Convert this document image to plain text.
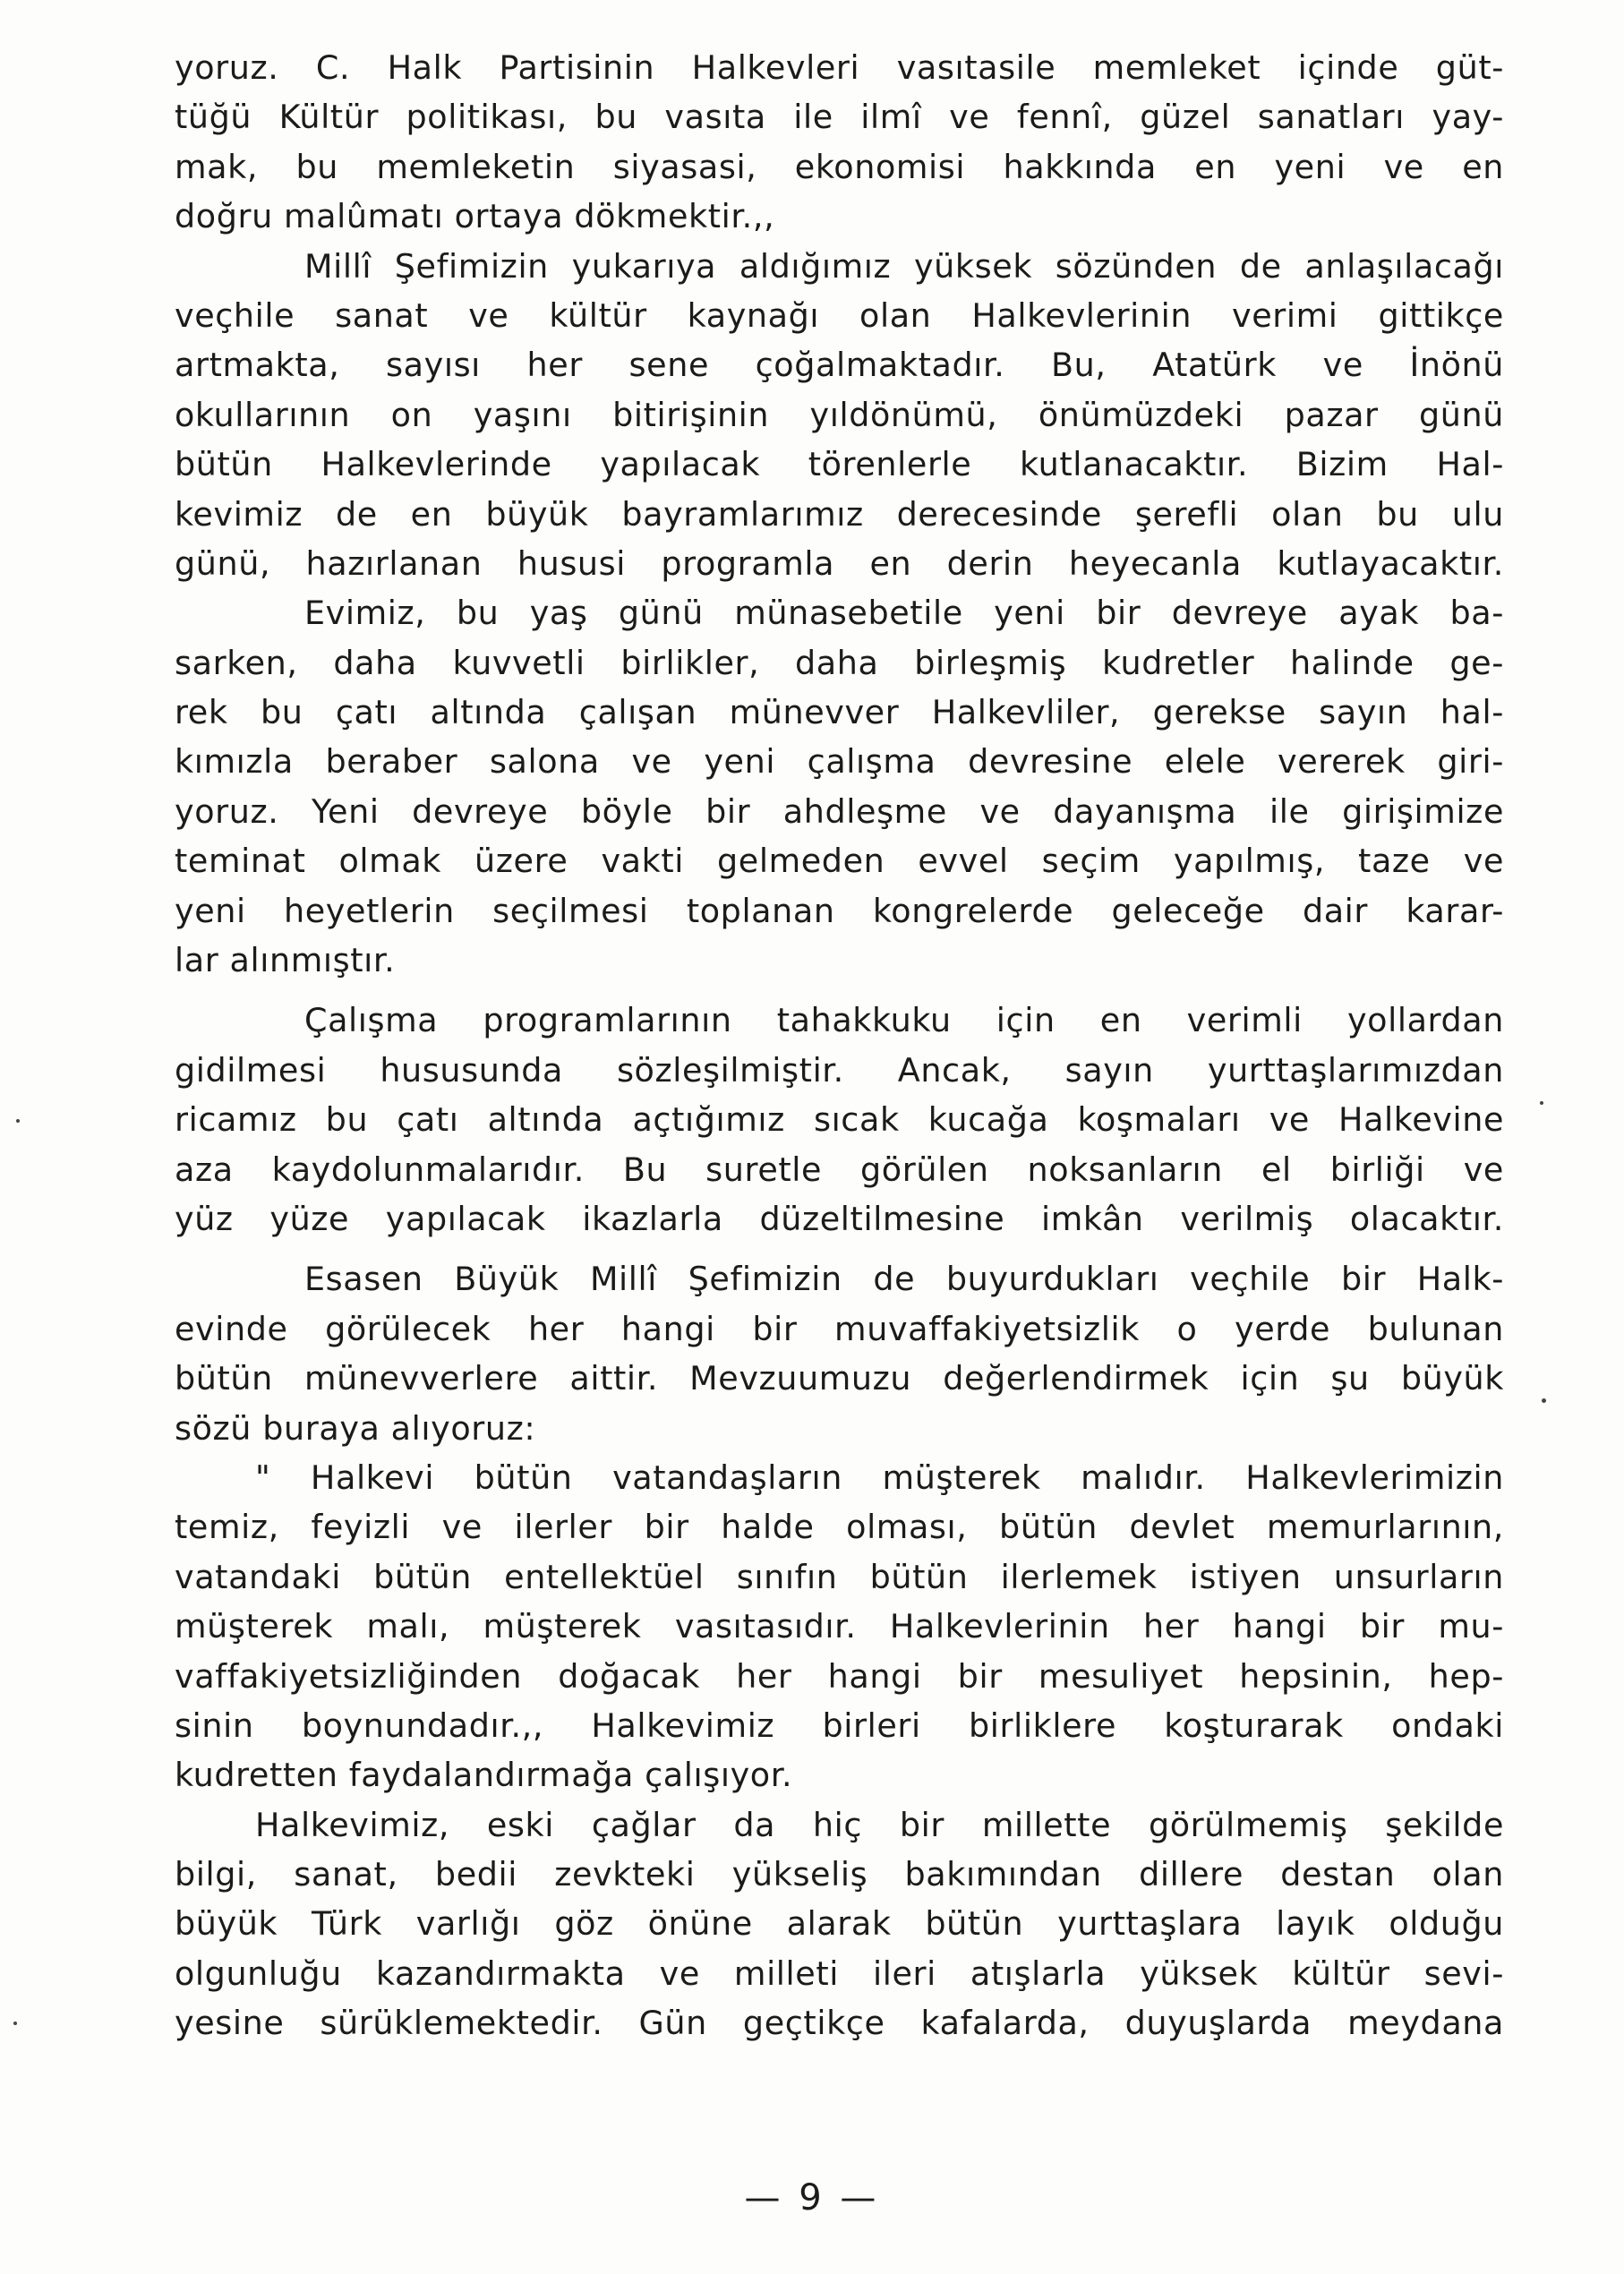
yoruz. C. Halk Partisinin Halkevleri vasıtasile memleket içinde güt-
tüğü Kültür politikası, bu vasıta ile ilmî ve fennî, güzel sanatları yay-
mak, bu memleketin siyasasi, ekonomisi hakkında en yeni ve en
doğru malûmatı ortaya dökmektir.,,
Millî Şefimizin yukarıya aldığımız yüksek sözünden de anlaşılacağı
veçhile sanat ve kültür kaynağı olan Halkevlerinin verimi gittikçe
artmakta, sayısı her sene çoğalmaktadır. Bu, Atatürk ve İnönü
okullarının on yaşını bitirişinin yıldönümü, önümüzdeki pazar günü
bütün Halkevlerinde yapılacak törenlerle kutlanacaktır. Bizim Hal-
kevimiz de en büyük bayramlarımız derecesinde şerefli olan bu ulu
günü, hazırlanan hususi programla en derin heyecanla kutlayacaktır.
Evimiz, bu yaş günü münasebetile yeni bir devreye ayak ba-
sarken, daha kuvvetli birlikler, daha birleşmiş kudretler halinde ge-
rek bu çatı altında çalışan münevver Halkevliler, gerekse sayın hal-
kımızla beraber salona ve yeni çalışma devresine elele vererek giri-
yoruz. Yeni devreye böyle bir ahdleşme ve dayanışma ile girişimize
teminat olmak üzere vakti gelmeden evvel seçim yapılmış, taze ve
yeni heyetlerin seçilmesi toplanan kongrelerde geleceğe dair karar-
lar alınmıştır.
Çalışma programlarının tahakkuku için en verimli yollardan
gidilmesi hususunda sözleşilmiştir. Ancak, sayın yurttaşlarımızdan
ricamız bu çatı altında açtığımız sıcak kucağa koşmaları ve Halkevine
aza kaydolunmalarıdır. Bu suretle görülen noksanların el birliği ve
yüz yüze yapılacak ikazlarla düzeltilmesine imkân verilmiş olacaktır.
Esasen Büyük Millî Şefimizin de buyurdukları veçhile bir Halk-
evinde görülecek her hangi bir muvaffakiyetsizlik o yerde bulunan
bütün münevverlere aittir. Mevzuumuzu değerlendirmek için şu büyük
sözü buraya alıyoruz:
" Halkevi bütün vatandaşların müşterek malıdır. Halkevlerimizin
temiz, feyizli ve ilerler bir halde olması, bütün devlet memurlarının,
vatandaki bütün entellektüel sınıfın bütün ilerlemek istiyen unsurların
müşterek malı, müşterek vasıtasıdır. Halkevlerinin her hangi bir mu-
vaffakiyetsizliğinden doğacak her hangi bir mesuliyet hepsinin, hep-
sinin boynundadır.,, Halkevimiz birleri birliklere koşturarak ondaki
kudretten faydalandırmağa çalışıyor.
Halkevimiz, eski çağlar da hiç bir millette görülmemiş şekilde
bilgi, sanat, bedii zevkteki yükseliş bakımından dillere destan olan
büyük Türk varlığı göz önüne alarak bütün yurttaşlara layık olduğu
olgunluğu kazandırmakta ve milleti ileri atışlarla yüksek kültür sevi-
yesine sürüklemektedir. Gün geçtikçe kafalarda, duyuşlarda meydana
— 9 —
